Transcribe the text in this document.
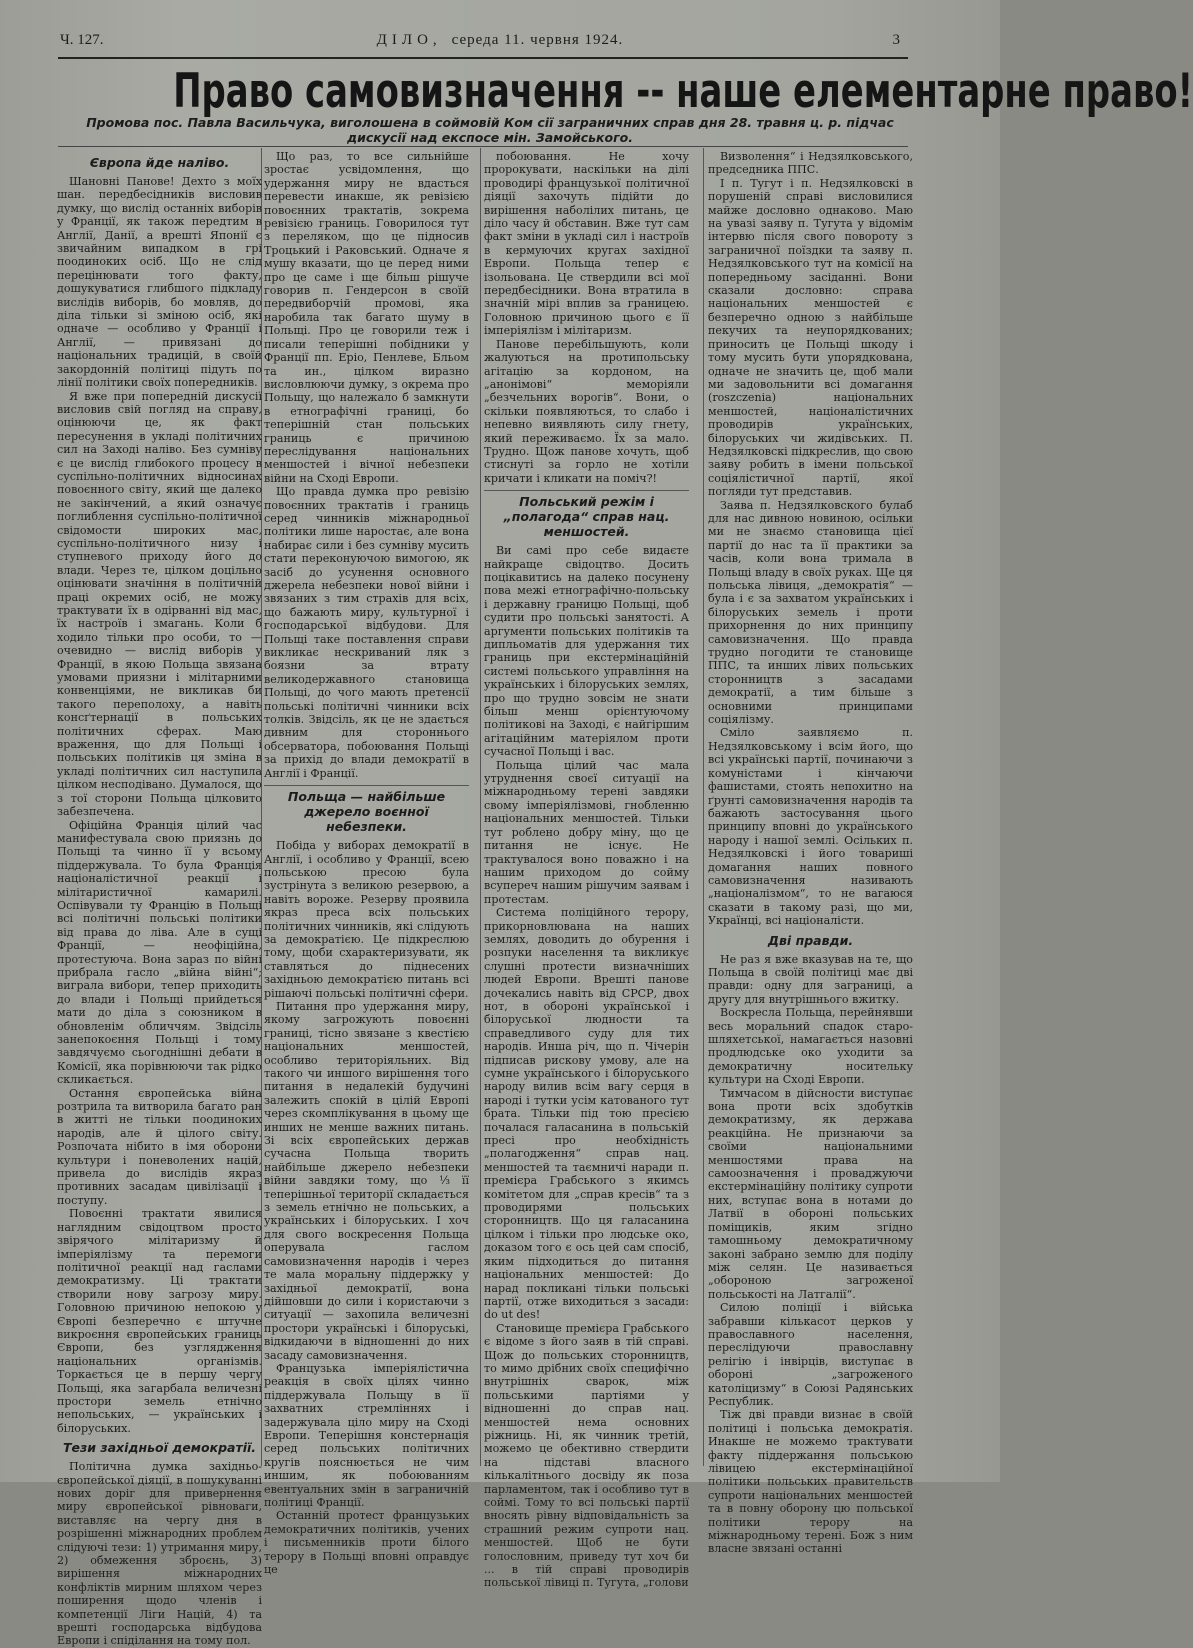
Ч. 127.	ДІЛО, середа 11. червня 1924.	3
Право самовизначення -- наше елементарне право!
Промова пос. Павла Васильчука, виголошена в соймовій Ком сії заграничних справ дня 28. травня ц. р. підчас дискусії над експосе мін. Замойського.
Європа йде наліво.

Шановні Панове! Дехто з моїх шан. передбесідників висловив думку, що вислід останніх виборів у Франції, як також передтим в Англії, Данії, а врешті Японії є звичайним випадком в грі поодиноких осіб. Що не слід перецінювати того факту, дошукуватися глибшого підкладу вислідів виборів, бо мовляв, до діла тільки зі зміною осіб, які одначе — особливо у Франції і Англії, — привязані до національних традицій, в своїй закордонній політиці підуть по лінії політики своїх попередників.

Я вже при попередній дискусії висловив свій погляд на справу, оцінюючи це, як факт пересунення в укладі політичних сил на Заході наліво. Без сумніву є це вислід глибокого процесу в суспільно-політичних відносинах повоєнного світу, який ще далеко не закінчений, а який означує поглиблення суспільно-політичної свідомости широких мас, суспільно-політичного низу і ступневого приходу його до влади. Через те, цілком доцільно оцінювати значіння в політичній праці окремих осіб, не можу трактувати їх в одірванні від мас, їх настроїв і змагань. Коли б ходило тільки про особи, то — очевидно — вислід виборів у Франції, в якою Польща звязана умовами приязни і мілітарними конвенціями, не викликав би такого переполоху, а навіть консґтернації в польських політичних сферах. Маю враження, що для Польщі і польських політиків ця зміна в укладі політичних сил наступила цілком несподівано. Думалося, що з тої сторони Польща цілковито забезпечена.

Офіційна Франція цілий час манифестувала свою приязнь до Польщі та чинно її у всьому піддержувала. То була Франція націоналістичної реакції і мілітаристичної камарилі. Оспівували ту Францію в Польщі всі політичні польські політики від права до ліва. Але в сущі Франції, — неофіційна, протестуюча. Вона зараз по війні прибрала гасло „війна війні“; виграла вибори, тепер приходить до влади і Польщі прийдеться мати до діла з союзником в обновленім обличчям. Звідсіль занепокоєння Польщі і тому завдячуємо сьогоднішні дебати в Комісії, яка порівнюючи так рідко скликається.

Остання європейська війна розтрила та витворила багато ран в житті не тільки поодиноких народів, але й цілого світу. Розпочата нібито в імя оборони культури і поневолених націй, привела до вислідів якраз противних засадам цивілізації і поступу.

Повоєнні трактати явилися наглядним свідоцтвом просто звірячого мілітаризму й імперіялізму та перемоги політичної реакції над гаслами демократизму. Ці трактати створили нову загрозу миру. Головною причиною непокою у Європі безперечно є штучне викроєння європейських границь Європи, без узглядження національних організмів. Торкається це в першу чергу Польщі, яка загарбала величезні простори земель етнічно непольських, — українських і білоруських.

Тези західньої демократії.

Політична думка західньо-європейської діяції, в пошукуванні нових доріг для привернення миру європейської рівноваги, виставляє на чергу дня в розрішенні міжнародних проблем слідуючі тези: 1) утримання миру, 2) обмеження зброєнь, 3) вирішення міжнародних конфліктів мирним шляхом через поширення щодо членів і компетенції Ліги Націй, 4) та врешті господарська відбудова Европи і спіділання на тому пол.

Що раз, то все сильнійше зростає усвідомлення, що удержання миру не вдасться перевести инакше, як ревізією повоєнних трактатів, зокрема ревізією границь. Говорилося тут з переляком, що це підносив Троцький і Раковський. Одначе я мушу вказати, що це перед ними про це саме і ще більш рішуче говорив п. Гендерсон в своїй передвиборчій промові, яка наробила так багато шуму в Польщі. Про це говорили теж і писали теперішні побідники у Франції пп. Еріо, Пенлеве, Бльом та ин., цілком виразно висловлюючи думку, з окрема про Польщу, що належало б замкнути в етнографічні границі, бо теперішній стан польських границь є причиною переслідування національних меншостей і вічної небезпеки війни на Сході Европи.

Що правда думка про ревізію повоєнних трактатів і границь серед чинників міжнародньої політики лише наростає, але вона набирає сили і без сумніву мусить стати переконуючою вимогою, як засіб до усунення основного джерела небезпеки нової війни і звязаних з тим страхів для всіх, що бажають миру, культурної і господарської відбудови. Для Польщі таке поставлення справи викликає нескриваний ляк з боязни за втрату великодержавного становища Польщі, до чого мають претенсії польські політичні чинники всіх толків. Звідсіль, як це не здається дивним для стороннього обсерватора, побоювання Польщі за прихід до влади демократії в Англії і Франції.

Польща — найбільше джерело воєнної небезпеки.

Побіда у виборах демократії в Англії, і особливо у Франції, всею польською пресою була зустрінута з великою резервою, а навіть вороже. Резерву проявила якраз преса всіх польських політичних чинників, які слідують за демократією. Це підкреслюю тому, щоби схарактеризувати, як ставляться до піднесених західньою демократією питань всі рішаючі польські політичні сфери.

Питання про удержання миру, якому загрожують повоєнні границі, тісно звязане з квестією національних меншостей, особливо територіяльних. Від такого чи иншого вирішення того питання в недалекій будучині залежить спокій в цілій Европі через скомплікування в цьому ще инших не менше важних питань. Зі всіх європейських держав сучасна Польща творить найбільше джерело небезпеки війни завдяки тому, що ⅓ її теперішньої території складається з земель етнічно не польських, а українських і білоруських. І хоч для свого воскресення Польща оперувала гаслом самовизначення народів і через те мала моральну піддержку у західньої демократії, вона дійшовши до сили і користаючи з ситуації — захопила величезні простори українські і білоруські, відкидаючи в відношенні до них засаду самовизначення.

Французька імперіялістична реакція в своїх цілях чинно піддержувала Польщу в її захватних стремліннях і задержувала ціло миру на Сході Европи. Теперішня констернація серед польських політичних кругів пояснюється не чим иншим, як побоюванням евентуальних змін в заграничній політиці Франції.

Останній протест французьких демократичних політиків, учених і письменників проти білого терору в Польщі вповні оправдує це

побоювання. Не хочу пророкувати, наскільки на ділі проводирі французької політичної діяції захочуть підійти до вирішення наболілих питань, це діло часу й обставин. Вже тут сам факт зміни в укладі сил і настроїв в кермуючих кругах західної Европи. Польща тепер є ізольована. Це ствердили всі мої передбесідники. Вона втратила в значній мірі вплив за границею. Головною причиною цього є її імперіялізм і мілітаризм.

Панове перебільшують, коли жалуються на протипольську агітацію за кордоном, на „анонімові“ меморіяли „безчельних ворогів“. Вони, о скільки появляються, то слабо і непевно виявляють силу гнету, який переживаємо. Їх за мало. Трудно. Щож панове хочуть, щоб стиснуті за горло не хотіли кричати і кликати на поміч?!

Польський режім і „полагода“ справ нац. меншостей.

Ви самі про себе видаєте найкраще свідоцтво. Досить поцікавитись на далеко посунену пова межі етнографічно-польську і державну границю Польщі, щоб судити про польські занятості. А аргументи польських політиків та дипльоматів для удержання тих границь при екстермінаційній системі польського управління на українських і білоруських землях, про що трудно зовсім не знати більш менш орієнтуючому політикові на Заході, є найгіршим агітаційним матеріялом проти сучасної Польщі і вас.

Польща цілий час мала утруднення своєї ситуації на міжнародньому терені завдяки свому імперіялізмові, гнобленню національних меншостей. Тільки тут роблено добру міну, що це питання не існує. Не трактувалося воно поважно і на нашим приходом до сойму всупереч нашим рішучим заявам і протестам.

Система поліційного терору, прикорновлювана на наших землях, доводить до обурення і розпуки населення та викликує слушні протести визначніших людей Европи. Врешті панове дочекались навіть від СРСР, двох нот, в обороні української і білоруської людности та справедливого суду для тих народів. Инша річ, що п. Чічерін підписав рискову умову, але на сумне українського і білоруського народу вилив всім вагу серця в народі і тутки усім катованого тут брата. Тільки під тою пресією почалася галасанина в польській пресі про необхідність „полагодження“ справ нац. меншостей та таємничі наради п. премієра Грабського з якимсь комітетом для „справ кресів“ та з проводирями польських сторонництв. Що ця галасанина цілком і тільки про людське око, доказом того є ось цей сам спосіб, яким підходиться до питання національних меншостей: До нарад покликані тільки польські партії, отже виходиться з засади: do ut des!

Становище премієра Грабського є відоме з його заяв в тій справі. Щож до польських сторонництв, то мимо дрібних своїх специфічно внутрішніх сварок, між польськими партіями у відношенні до справ нац. меншостей нема основних ріжниць. Ні, як чинник третій, можемо це обективно ствердити на підставі власного кількалітнього досвіду як поза парламентом, так і особливо тут в соймі. Тому то всі польські партії вносять рівну відповідальність за страшний режим супроти нац. меншостей. Щоб не бути голословним, приведу тут хоч би ... в тій справі проводирів польської лівиці п. Тугута, „голови

Визволення“ і Недзялковського, председника ППС.

І п. Тугут і п. Недзялковскі в порушеній справі висловилися майже дословно однаково. Маю на увазі заяву п. Тугута у відомім інтервю після свого повороту з заграничної поїздки та заяву п. Недзялковського тут на комісії на попередньому засіданні. Вони сказали дословно: справа національних меншостей є безперечно одною з найбільше пекучих та неупорядкованих; приносить це Польщі шкоду і тому мусить бути упорядкована, одначе не значить це, щоб мали ми задовольнити всі домагання (roszczenia) національних меншостей, націоналістичних проводирів українських, білоруських чи жидівських. П. Недзялковскі підкреслив, що свою заяву робить в імени польської соціялістичної партії, якої погляди тут представив.

Заява п. Недзялковского булаб для нас дивною новиною, осільки ми не знаємо становища цієї партії до нас та її практики за часів, коли вона тримала в Польщі владу в своїх руках. Ще ця польська лівиця, „демократія“ — була і є за захватом українських і білоруських земель і проти прихорнення до них принципу самовизначення. Що правда трудно погодити те становище ППС, та инших лівих польських сторонництв з засадами демократії, а тим більше з основними принципами соціялізму.

Сміло заявляємо п. Недзялковському і всім його, що всі українські партії, починаючи з комуністами і кінчаючи фашистами, стоять непохитно на ґрунті самовизначення народів та бажають застосування цього принципу вповні до українського народу і нашої землі. Осільких п. Недзялковскі і його товариші домагання наших повного самовизначення називають „націоналізмом“, то не вагаюся сказати в такому разі, що ми, Українці, всі націоналісти.

Дві правди.

Не раз я вже вказував на те, що Польща в своїй політиці має дві правди: одну для заграниці, а другу для внутрішнього вжитку.

Воскресла Польща, перейнявши весь моральний спадок старо-шляхетської, намагається назовні продлюдське око уходити за демократичну носительку культури на Сході Европи.

Тимчасом в дійсности виступає вона проти всіх здобутків демократизму, як держава реакційна. Не признаючи за своїми національними меншостями права на самоозначення і проваджуючи екстермінаційну політику супроти них, вступає вона в нотами до Латвії в обороні польських поміщиків, яким згідно тамошньому демократичному законі забрано землю для поділу між селян. Це називається „обороною загроженої польськості на Латгалії“.

Силою поліції і війська забравши кількасот церков у православного населення, переслідуючи православну релігію і інвірців, виступає в обороні „загроженого католіцизму“ в Союзі Радянських Республик.

Тіж дві правди визнає в своїй політиці і польська демократія. Инакше не можемо трактувати факту піддержання польською лівицею екстермінаційної політики польських правительств супроти національних меншостей та в повну оборону цю польської політики терору на міжнародньому терені. Бож з ним власне звязані останні
